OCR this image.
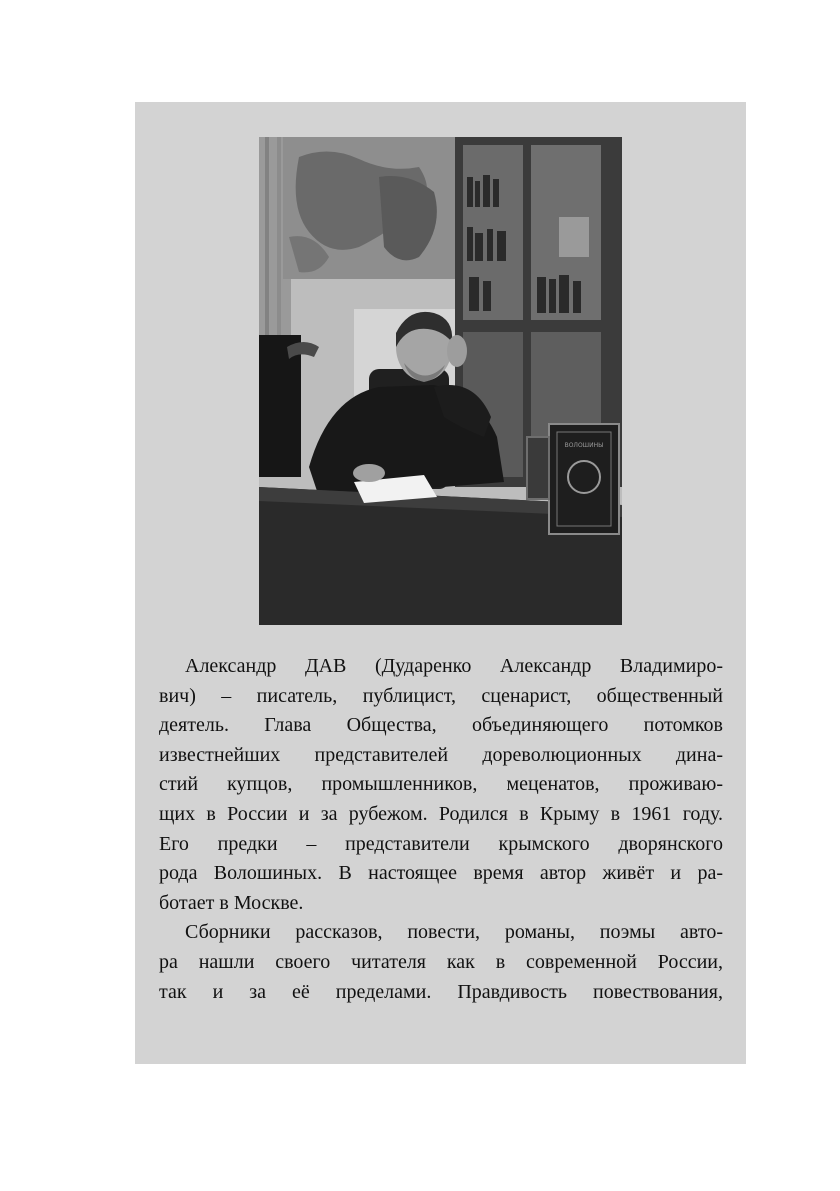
ВОЛОШИНЫ

Александр ДАВ (Дударенко Александр Владимиро-
вич) – писатель, публицист, сценарист, общественный
деятель. Глава Общества, объединяющего потомков
известнейших представителей дореволюционных дина-
стий купцов, промышленников, меценатов, проживаю-
щих в России и за рубежом. Родился в Крыму в 1961 году.
Его предки – представители крымского дворянского
рода Волошиных. В настоящее время автор живёт и ра-
ботает в Москве.

Сборники рассказов, повести, романы, поэмы авто-
ра нашли своего читателя как в современной России,
так и за её пределами. Правдивость повествования,
